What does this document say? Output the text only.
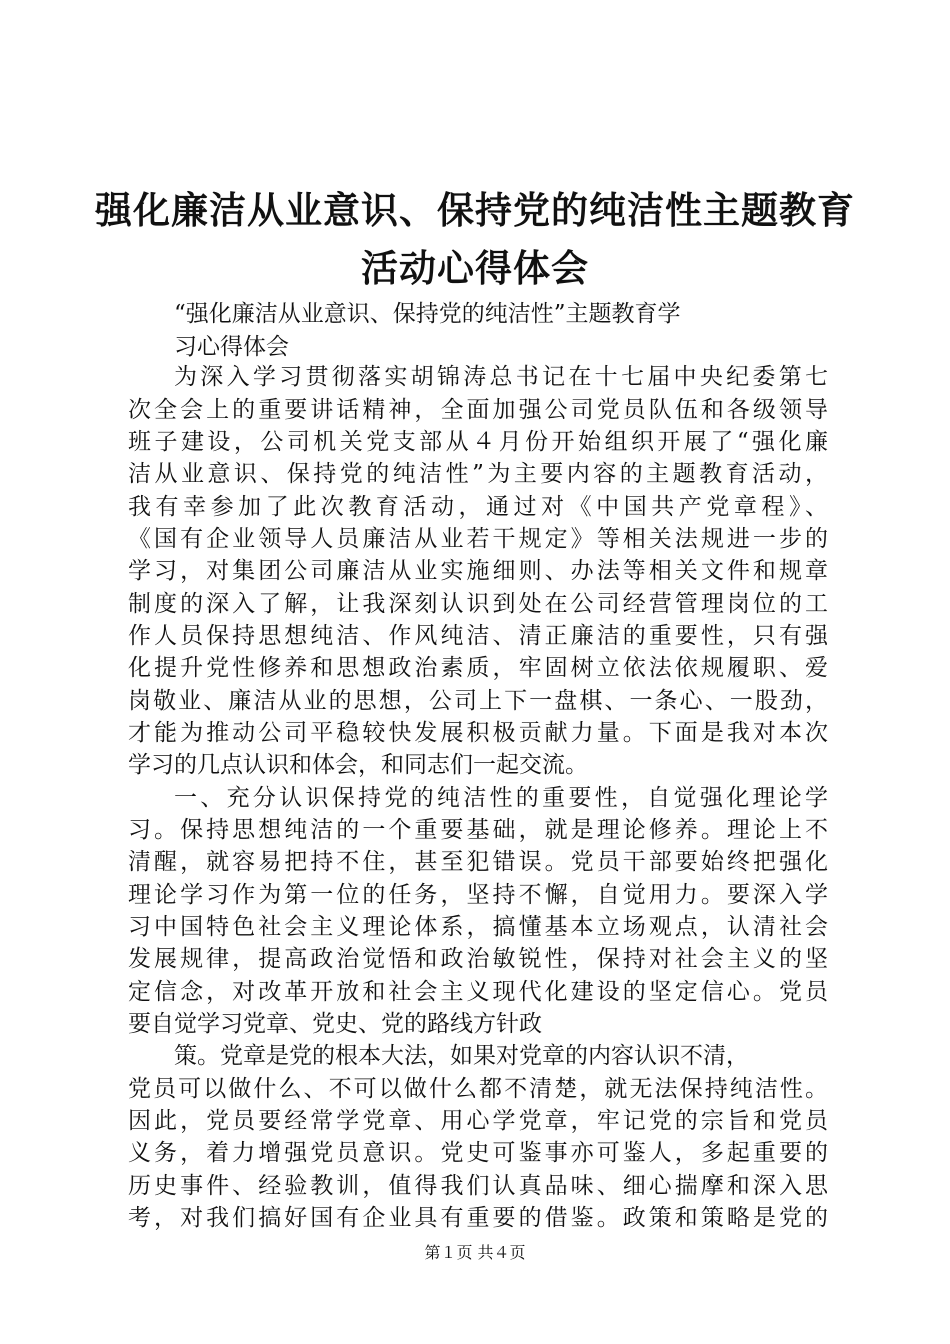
强化廉洁从业意识、保持党的纯洁性主题教育
活动心得体会
“强化廉洁从业意识、保持党的纯洁性”主题教育学
习心得体会
为深入学习贯彻落实胡锦涛总书记在十七届中央纪委第七
次全会上的重要讲话精神，全面加强公司党员队伍和各级领导
班子建设，公司机关党支部从４月份开始组织开展了“强化廉
洁从业意识、保持党的纯洁性”为主要内容的主题教育活动，
我有幸参加了此次教育活动，通过对《中国共产党章程》、
《国有企业领导人员廉洁从业若干规定》等相关法规进一步的
学习，对集团公司廉洁从业实施细则、办法等相关文件和规章
制度的深入了解，让我深刻认识到处在公司经营管理岗位的工
作人员保持思想纯洁、作风纯洁、清正廉洁的重要性，只有强
化提升党性修养和思想政治素质，牢固树立依法依规履职、爱
岗敬业、廉洁从业的思想，公司上下一盘棋、一条心、一股劲，
才能为推动公司平稳较快发展积极贡献力量。下面是我对本次
学习的几点认识和体会，和同志们一起交流。
一、充分认识保持党的纯洁性的重要性，自觉强化理论学
习。保持思想纯洁的一个重要基础，就是理论修养。理论上不
清醒，就容易把持不住，甚至犯错误。党员干部要始终把强化
理论学习作为第一位的任务，坚持不懈，自觉用力。要深入学
习中国特色社会主义理论体系，搞懂基本立场观点，认清社会
发展规律，提高政治觉悟和政治敏锐性，保持对社会主义的坚
定信念，对改革开放和社会主义现代化建设的坚定信心。党员
要自觉学习党章、党史、党的路线方针政
策。党章是党的根本大法，如果对党章的内容认识不清，
党员可以做什么、不可以做什么都不清楚，就无法保持纯洁性。
因此，党员要经常学党章、用心学党章，牢记党的宗旨和党员
义务，着力增强党员意识。党史可鉴事亦可鉴人，多起重要的
历史事件、经验教训，值得我们认真品味、细心揣摩和深入思
考，对我们搞好国有企业具有重要的借鉴。政策和策略是党的
第１页 共４页
